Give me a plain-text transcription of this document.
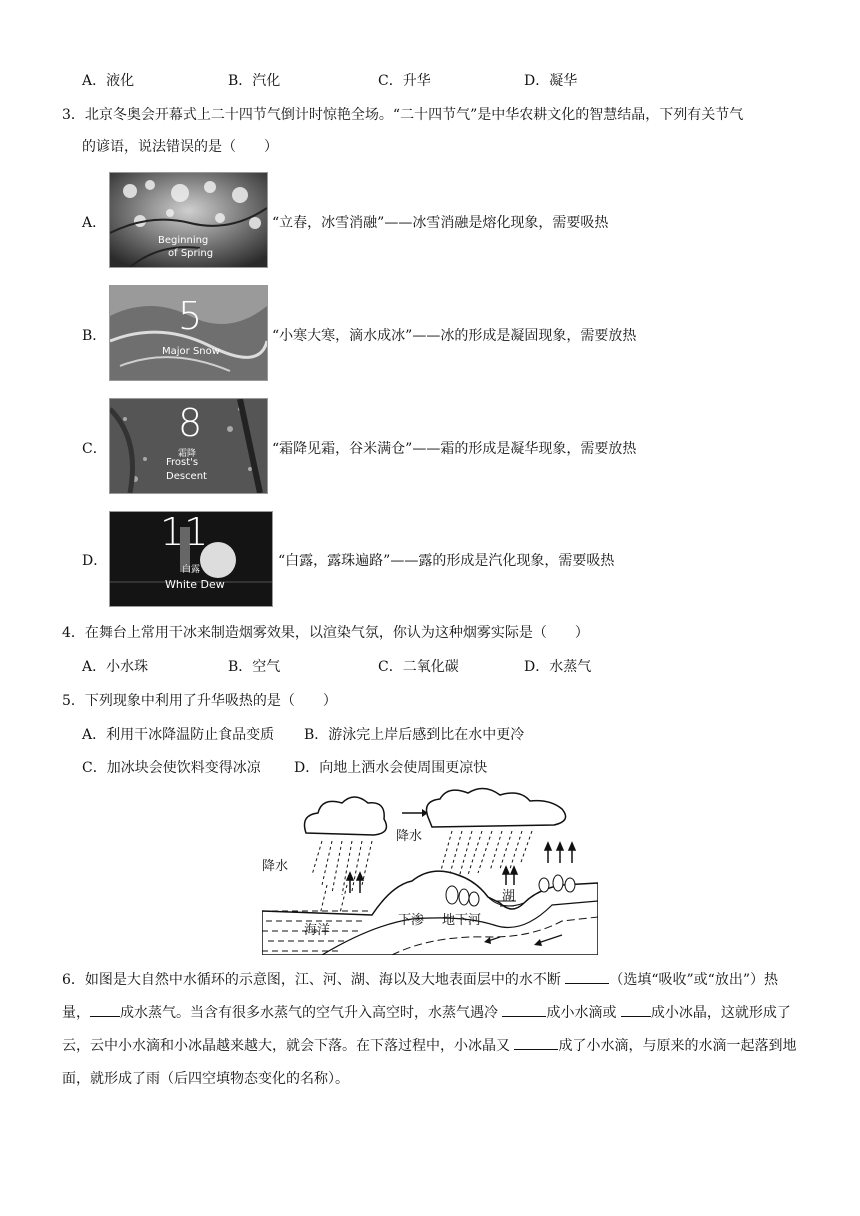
A．液化	B．汽化	C．升华	D．凝华
3．北京冬奥会开幕式上二十四节气倒计时惊艳全场。“二十四节气”是中华农耕文化的智慧结晶，下列有关节气
的谚语，说法错误的是（　　）
A．
Beginning
of Spring
“立春，冰雪消融”——冰雪消融是熔化现象，需要吸热
B． 5
Major Snow
“小寒大寒，滴水成冰”——冰的形成是凝固现象，需要放热
C．
8
霜降
Frost's
Descent
“霜降见霜，谷米满仓”——霜的形成是凝华现象，需要放热
D．
11
白露
White Dew
“白露，露珠遍路”——露的形成是汽化现象，需要吸热
4．在舞台上常用干冰来制造烟雾效果，以渲染气氛，你认为这种烟雾实际是（　　）
A．小水珠	B．空气	C．二氧化碳	D．水蒸气
5．下列现象中利用了升华吸热的是（　　）
A．利用干冰降温防止食品变质 B．游泳完上岸后感到比在水中更冷
C．加冰块会使饮料变得冰凉 D．向地上洒水会使周围更凉快
降水
降水
海洋
下渗 地下河
湖
6．如图是大自然中水循环的示意图，江、河、湖、海以及大地表面层中的水不断	（选填“吸收”或“放出”）热量， 成水蒸气。当含有很多水蒸气的空气升入高空时，水蒸气遇冷	成小水滴或 成小冰晶，这就形成了云，云中小水滴和小冰晶越来越大，就会下落。在下落过程中，小冰晶又	成了小水滴，与原来的水滴一起落到地面，就形成了雨（后四空填物态变化的名称）。
